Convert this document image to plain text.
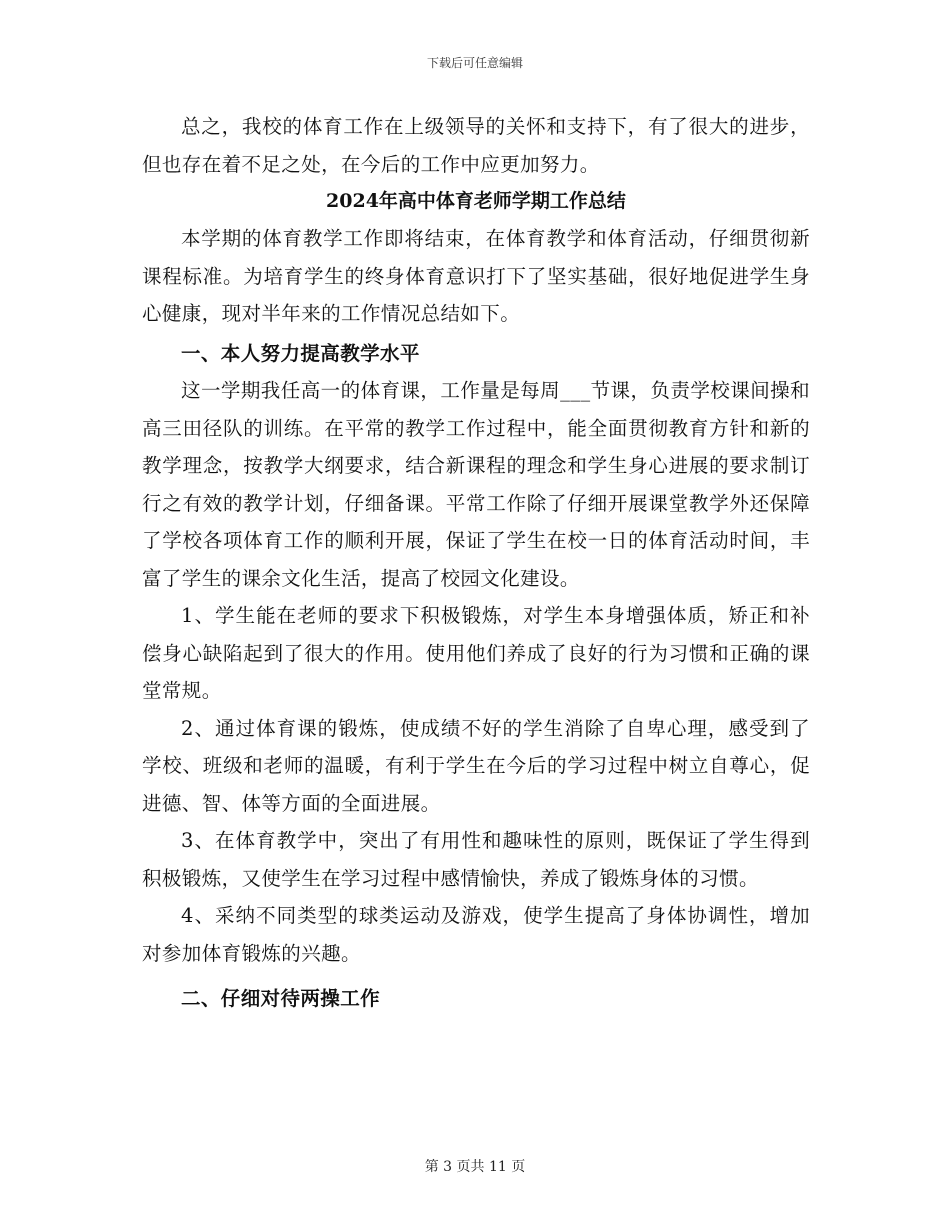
下载后可任意编辑

总之，我校的体育工作在上级领导的关怀和支持下，有了很大的进步，但也存在着不足之处，在今后的工作中应更加努力。

2024年高中体育老师学期工作总结

本学期的体育教学工作即将结束，在体育教学和体育活动，仔细贯彻新课程标准。为培育学生的终身体育意识打下了坚实基础，很好地促进学生身心健康，现对半年来的工作情况总结如下。

一、本人努力提高教学水平

这一学期我任高一的体育课，工作量是每周___节课，负责学校课间操和高三田径队的训练。在平常的教学工作过程中，能全面贯彻教育方针和新的教学理念，按教学大纲要求，结合新课程的理念和学生身心进展的要求制订行之有效的教学计划，仔细备课。平常工作除了仔细开展课堂教学外还保障了学校各项体育工作的顺利开展，保证了学生在校一日的体育活动时间，丰富了学生的课余文化生活，提高了校园文化建设。

1、学生能在老师的要求下积极锻炼，对学生本身增强体质，矫正和补偿身心缺陷起到了很大的作用。使用他们养成了良好的行为习惯和正确的课堂常规。

2、通过体育课的锻炼，使成绩不好的学生消除了自卑心理，感受到了学校、班级和老师的温暖，有利于学生在今后的学习过程中树立自尊心，促进德、智、体等方面的全面进展。

3、在体育教学中，突出了有用性和趣味性的原则，既保证了学生得到积极锻炼，又使学生在学习过程中感情愉快，养成了锻炼身体的习惯。

4、采纳不同类型的球类运动及游戏，使学生提高了身体协调性，增加对参加体育锻炼的兴趣。

二、仔细对待两操工作

第 3 页共 11 页
